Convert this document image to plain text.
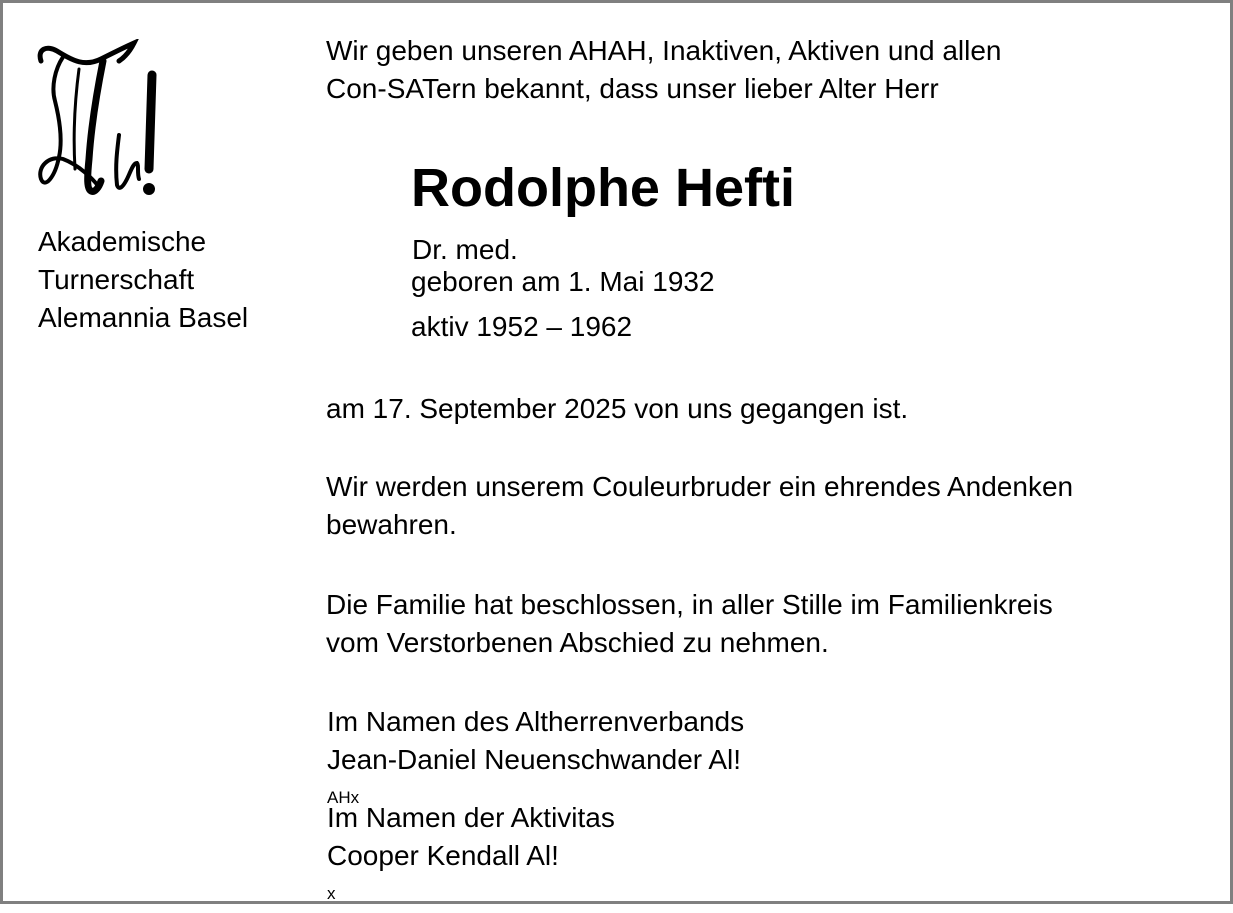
Akademische
Turnerschaft
Alemannia Basel

Wir geben unseren AHAH, Inaktiven, Aktiven und allen
Con-SATern bekannt, dass unser lieber Alter Herr

Rodolphe Hefti

Dr. med.

geboren am 1. Mai 1932

aktiv 1952 – 1962

am 17. September 2025 von uns gegangen ist.

Wir werden unserem Couleurbruder ein ehrendes Andenken
bewahren.

Die Familie hat beschlossen, in aller Stille im Familienkreis
vom Verstorbenen Abschied zu nehmen.

Im Namen des Altherrenverbands
Jean-Daniel Neuenschwander Al!
AHx

Im Namen der Aktivitas
Cooper Kendall Al!
x
